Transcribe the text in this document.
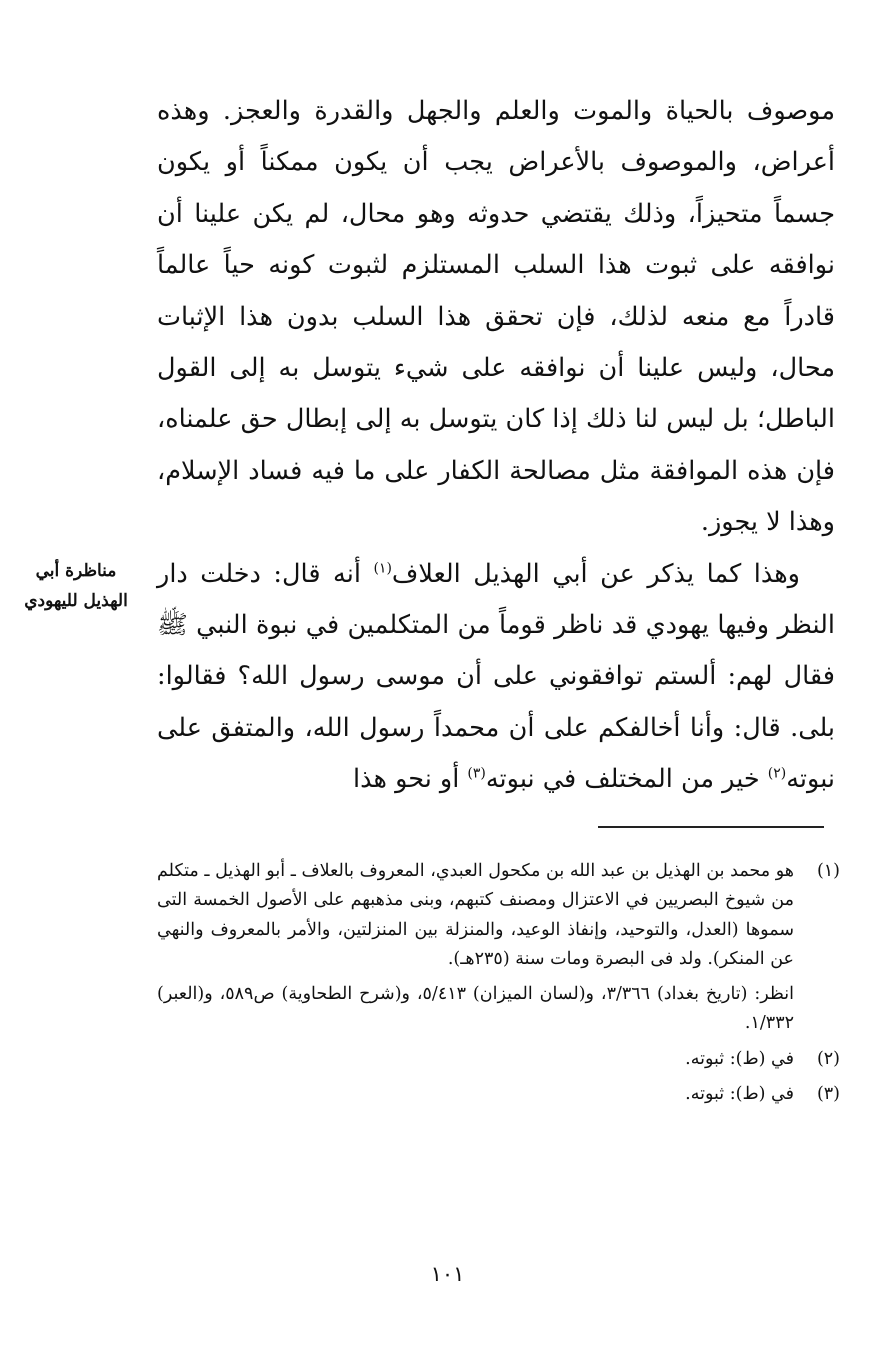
موصوف بالحياة والموت والعلم والجهل والقدرة والعجز. وهذه أعراض، والموصوف بالأعراض يجب أن يكون ممكناً أو يكون جسماً متحيزاً، وذلك يقتضي حدوثه وهو محال، لم يكن علينا أن نوافقه على ثبوت هذا السلب المستلزم لثبوت كونه حياً عالماً قادراً مع منعه لذلك، فإن تحقق هذا السلب بدون هذا الإثبات محال، وليس علينا أن نوافقه على شيء يتوسل به إلى القول الباطل؛ بل ليس لنا ذلك إذا كان يتوسل به إلى إبطال حق علمناه، فإن هذه الموافقة مثل مصالحة الكفار على ما فيه فساد الإسلام، وهذا لا يجوز.

وهذا كما يذكر عن أبي الهذيل العلاف$^{(١)}$ أنه قال: دخلت دار النظر وفيها يهودي قد ناظر قوماً من المتكلمين في نبوة النبي ﷺ فقال لهم: ألستم توافقوني على أن موسى رسول الله؟ فقالوا: بلى. قال: وأنا أخالفكم على أن محمداً رسول الله، والمتفق على نبوته$^{(٢)}$ خير من المختلف في نبوته$^{(٣)}$ أو نحو هذا

مناظرة أبي
الهذيل لليهودي
(١)
هو محمد بن الهذيل بن عبد الله بن مكحول العبدي، المعروف بالعلاف ـ أبو الهذيل ـ متكلم من شيوخ البصريين في الاعتزال ومصنف كتبهم، وبنى مذهبهم على الأصول الخمسة التى سموها (العدل، والتوحيد، وإنفاذ الوعيد، والمنزلة بين المنزلتين، والأمر بالمعروف والنهي عن المنكر). ولد فى البصرة ومات سنة (٢٣٥هـ).
انظر: (تاريخ بغداد) ٣/٣٦٦، و(لسان الميزان) ٥/٤١٣، و(شرح الطحاوية) ص٥٨٩، و(العبر) ١/٣٣٢.
(٢)
في (ط): ثبوته.
(٣)
في (ط): ثبوته.
١٠١
